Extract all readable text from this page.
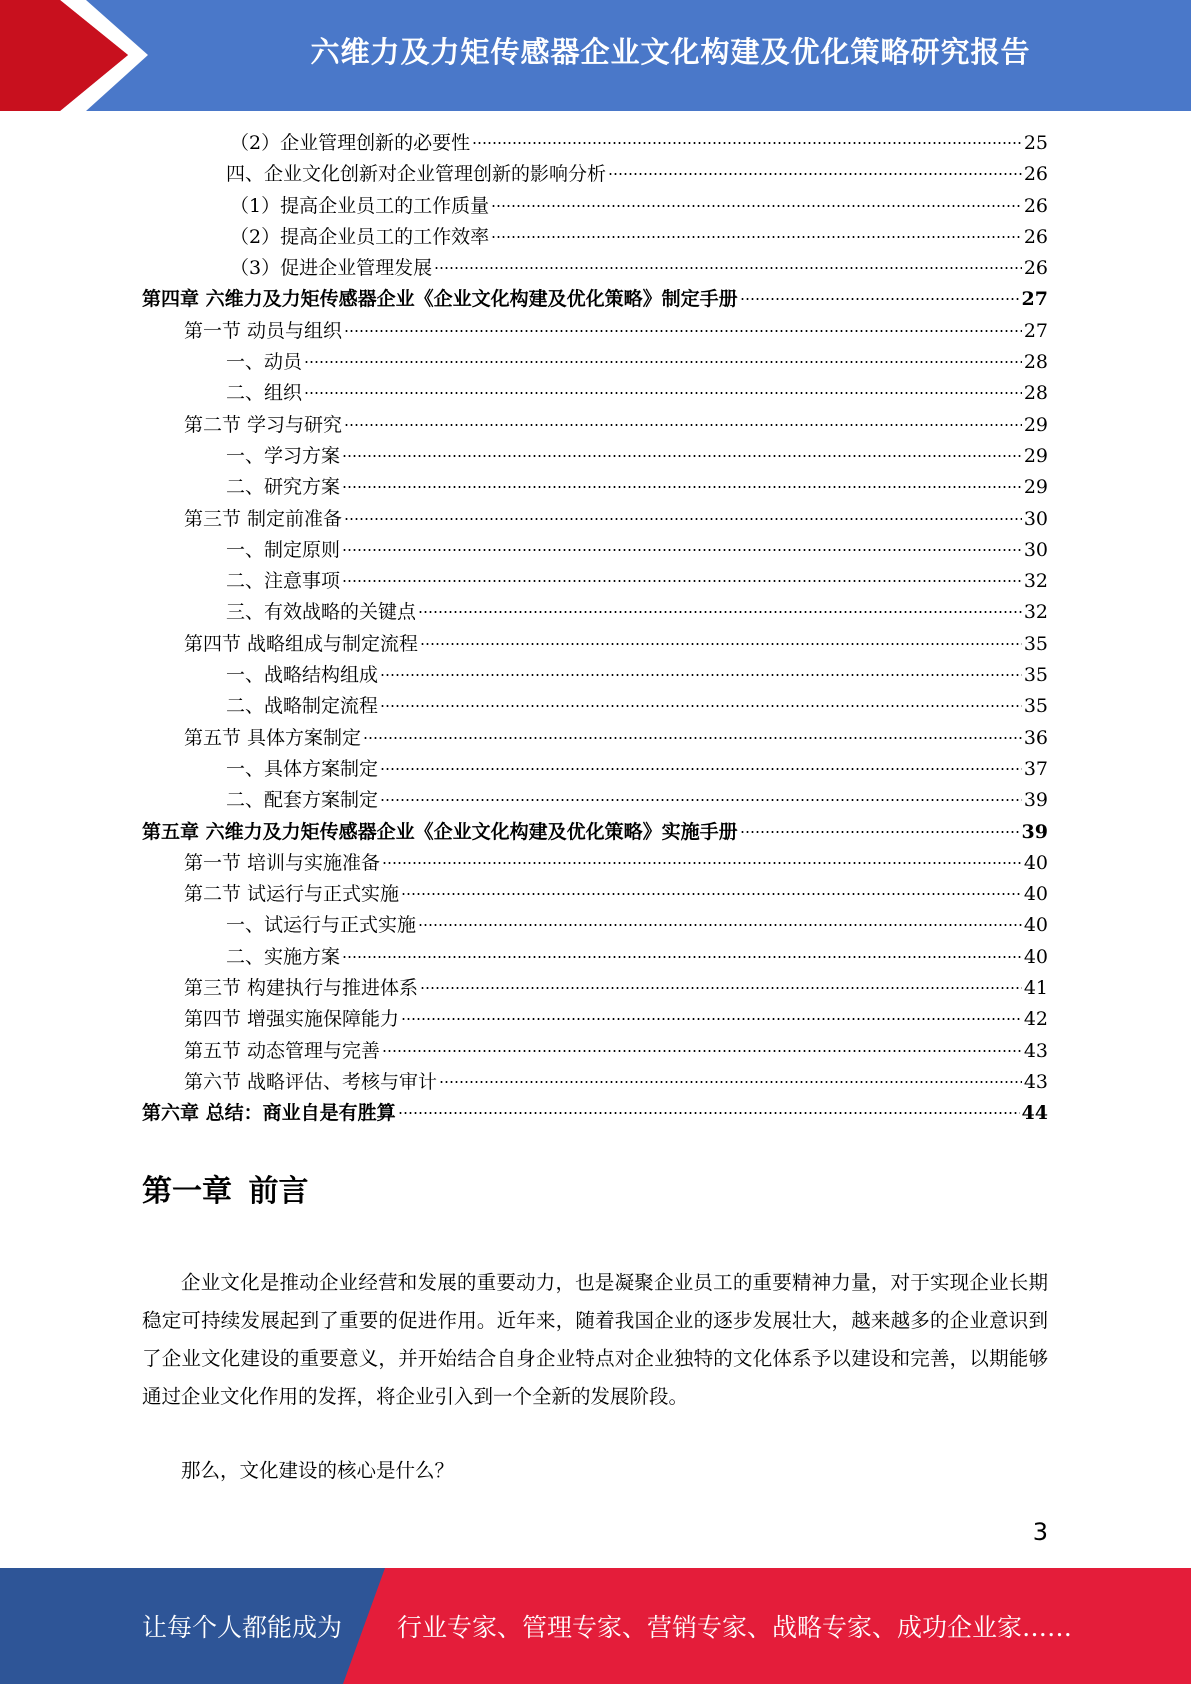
六维力及力矩传感器企业文化构建及优化策略研究报告
（2）企业管理创新的必要性	25
四、企业文化创新对企业管理创新的影响分析	26
（1）提高企业员工的工作质量	26
（2）提高企业员工的工作效率	26
（3）促进企业管理发展	26
第四章 六维力及力矩传感器企业《企业文化构建及优化策略》制定手册	27
第一节 动员与组织	27
一、动员	28
二、组织	28
第二节 学习与研究	29
一、学习方案	29
二、研究方案	29
第三节 制定前准备	30
一、制定原则	30
二、注意事项	32
三、有效战略的关键点	32
第四节 战略组成与制定流程	35
一、战略结构组成	35
二、战略制定流程	35
第五节 具体方案制定	36
一、具体方案制定	37
二、配套方案制定	39
第五章 六维力及力矩传感器企业《企业文化构建及优化策略》实施手册	39
第一节 培训与实施准备	40
第二节 试运行与正式实施	40
一、试运行与正式实施	40
二、实施方案	40
第三节 构建执行与推进体系	41
第四节 增强实施保障能力	42
第五节 动态管理与完善	43
第六节 战略评估、考核与审计	43
第六章 总结：商业自是有胜算	44
第一章 前言

企业文化是推动企业经营和发展的重要动力，也是凝聚企业员工的重要精神力量，对于实现企业长期稳定可持续发展起到了重要的促进作用。近年来，随着我国企业的逐步发展壮大，越来越多的企业意识到了企业文化建设的重要意义，并开始结合自身企业特点对企业独特的文化体系予以建设和完善，以期能够通过企业文化作用的发挥，将企业引入到一个全新的发展阶段。

那么，文化建设的核心是什么？

3
让每个人都能成为 行业专家、管理专家、营销专家、战略专家、成功企业家……
